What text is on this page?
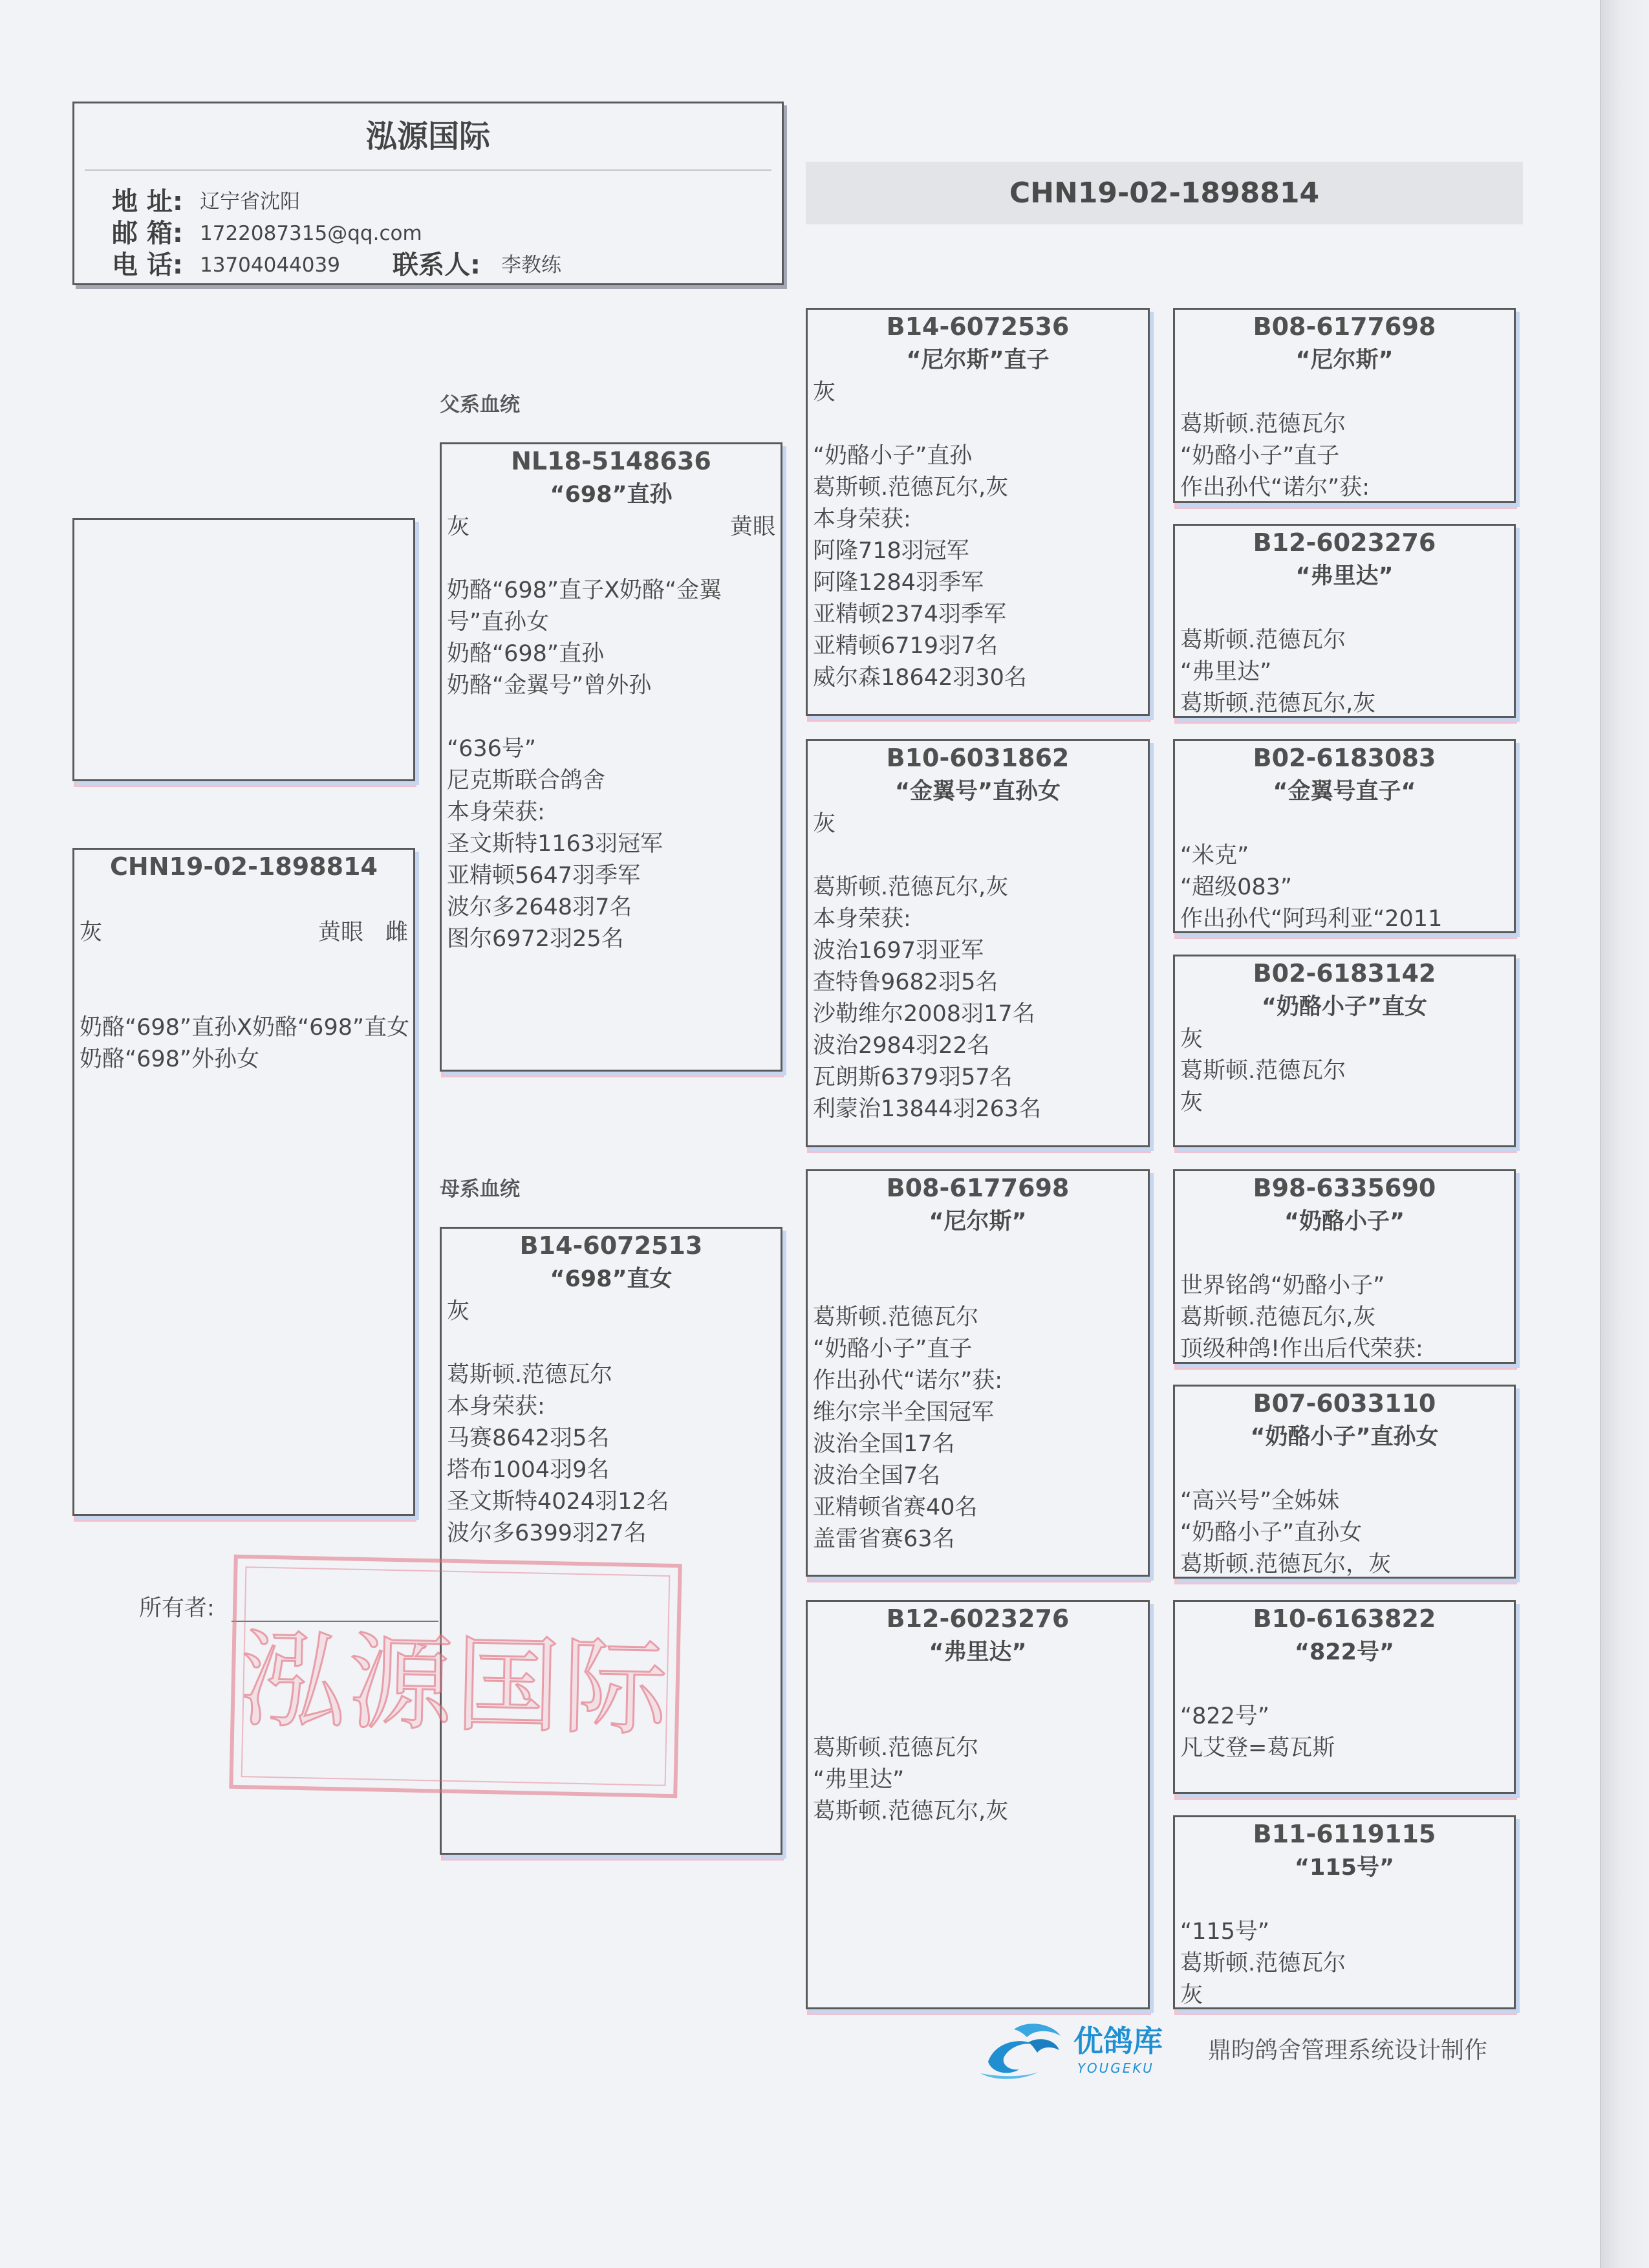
泓源国际
地 址: 辽宁省沈阳
邮 箱: 1722087315@qq.com
电 话: 13704044039 联系人: 李教练
CHN19-02-1898814
CHN19-02-1898814
灰	黄眼 雌
奶酪“698”直孙X奶酪“698”直女
奶酪“698”外孙女
父系血统
NL18-5148636
“698”直孙
灰	黄眼
奶酪“698”直子X奶酪“金翼号”直孙女
奶酪“698”直孙
奶酪“金翼号”曾外孙
“636号”
尼克斯联合鸽舍
本身荣获:
圣文斯特1163羽冠军
亚精顿5647羽季军
波尔多2648羽7名
图尔6972羽25名
母系血统
B14-6072513
“698”直女
灰
葛斯顿.范德瓦尔
本身荣获:
马赛8642羽5名
塔布1004羽9名
圣文斯特4024羽12名
波尔多6399羽27名
所有者:
泓源国际
B14-6072536
“尼尔斯”直子
灰
“奶酪小子”直孙
葛斯顿.范德瓦尔,灰
本身荣获:
阿隆718羽冠军
阿隆1284羽季军
亚精顿2374羽季军
亚精顿6719羽7名
威尔森18642羽30名
B10-6031862
“金翼号”直孙女
灰
葛斯顿.范德瓦尔,灰
本身荣获:
波治1697羽亚军
查特鲁9682羽5名
沙勒维尔2008羽17名
波治2984羽22名
瓦朗斯6379羽57名
利蒙治13844羽263名
B08-6177698
“尼尔斯”
葛斯顿.范德瓦尔
“奶酪小子”直子
作出孙代“诺尔”获:
维尔宗半全国冠军
波治全国17名
波治全国7名
亚精顿省赛40名
盖雷省赛63名
B12-6023276
“弗里达”
葛斯顿.范德瓦尔
“弗里达”
葛斯顿.范德瓦尔,灰
B08-6177698
“尼尔斯”
葛斯顿.范德瓦尔
“奶酪小子”直子
作出孙代“诺尔”获:
B12-6023276
“弗里达”
葛斯顿.范德瓦尔
“弗里达”
葛斯顿.范德瓦尔,灰
B02-6183083
“金翼号直子“
“米克”
“超级083”
作出孙代“阿玛利亚“2011
B02-6183142
“奶酪小子”直女
灰
葛斯顿.范德瓦尔
灰
B98-6335690
“奶酪小子”
世界铭鸽“奶酪小子”
葛斯顿.范德瓦尔,灰
顶级种鸽!作出后代荣获:
B07-6033110
“奶酪小子”直孙女
“高兴号”全姊妹
“奶酪小子”直孙女
葛斯顿.范德瓦尔，灰
B10-6163822
“822号”
“822号”
凡艾登=葛瓦斯
B11-6119115
“115号”
“115号”
葛斯顿.范德瓦尔
灰
优鸽库
YOUGEKU
鼎昀鸽舍管理系统设计制作
